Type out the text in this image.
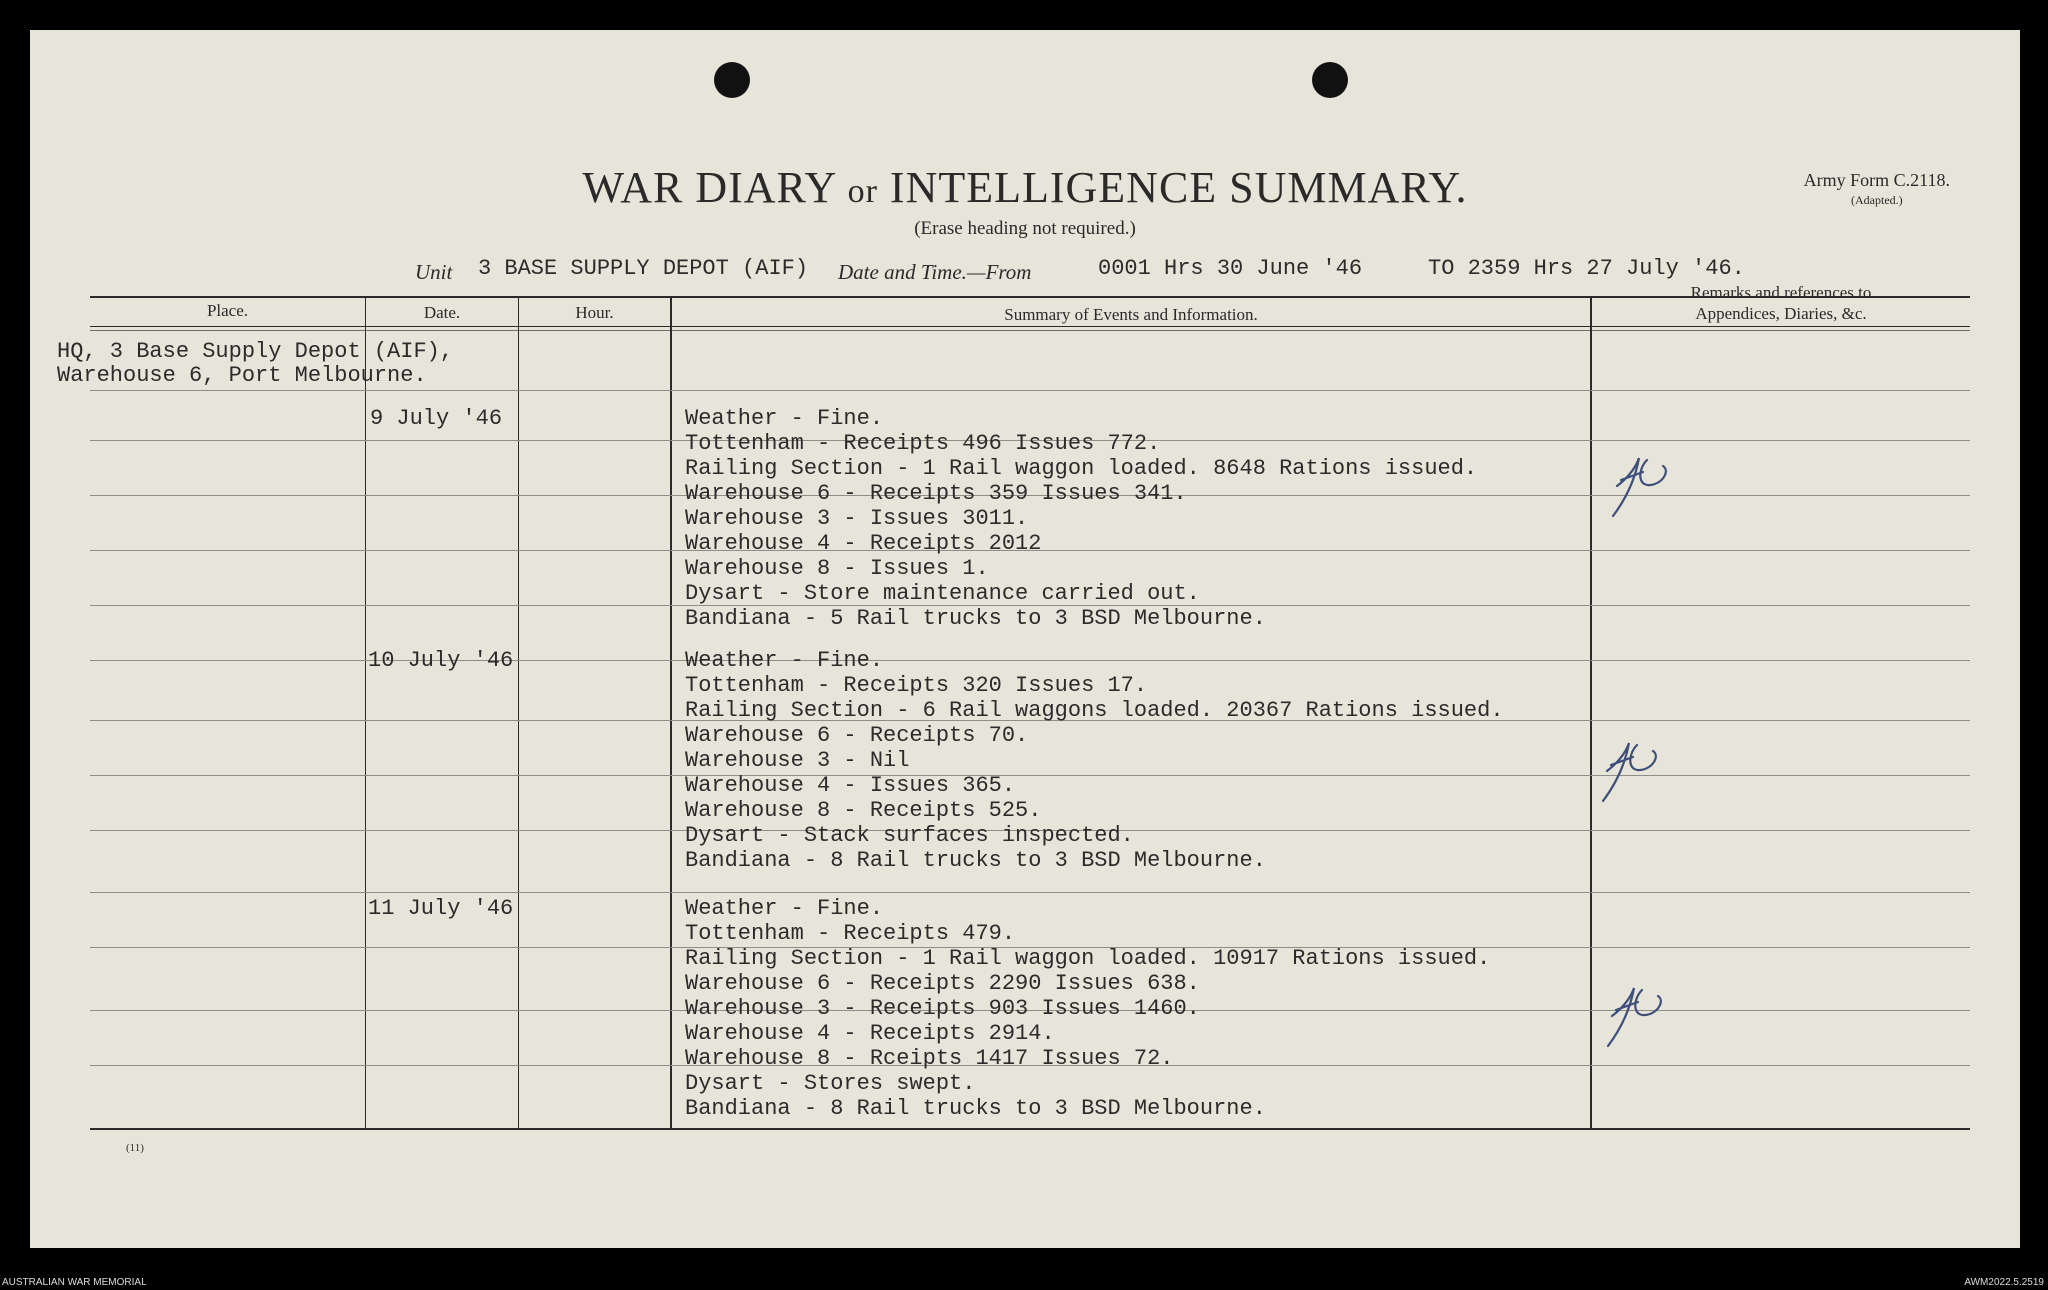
WAR DIARY or INTELLIGENCE SUMMARY.
(Erase heading not required.)
Army Form C.2118.
(Adapted.)
Unit 3 BASE SUPPLY DEPOT (AIF) Date and Time.—From	0001 Hrs 30 June '46	TO 2359 Hrs 27 July '46.
Place.	Date.	Hour.	Summary of Events and Information.
Remarks and references to
Appendices, Diaries, &c.
HQ, 3 Base Supply Depot (AIF),
Warehouse 6, Port Melbourne.
9 July '46	Weather - Fine.
Tottenham - Receipts 496 Issues 772.
Railing Section - 1 Rail waggon loaded. 8648 Rations issued.
Warehouse 6 - Receipts 359 Issues 341.
Warehouse 3 - Issues 3011.
Warehouse 4 - Receipts 2012
Warehouse 8 - Issues 1.
Dysart - Store maintenance carried out.
Bandiana - 5 Rail trucks to 3 BSD Melbourne.
10 July '46	Weather - Fine.
Tottenham - Receipts 320 Issues 17.
Railing Section - 6 Rail waggons loaded. 20367 Rations issued.
Warehouse 6 - Receipts 70.
Warehouse 3 - Nil
Warehouse 4 - Issues 365.
Warehouse 8 - Receipts 525.
Dysart - Stack surfaces inspected.
Bandiana - 8 Rail trucks to 3 BSD Melbourne.
11 July '46	Weather - Fine.
Tottenham - Receipts 479.
Railing Section - 1 Rail waggon loaded. 10917 Rations issued.
Warehouse 6 - Receipts 2290 Issues 638.
Warehouse 3 - Receipts 903 Issues 1460.
Warehouse 4 - Receipts 2914.
Warehouse 8 - Rceipts 1417 Issues 72.
Dysart - Stores swept.
Bandiana - 8 Rail trucks to 3 BSD Melbourne.
(11)
AUSTRALIAN WAR MEMORIAL	AWM2022.5.2519
